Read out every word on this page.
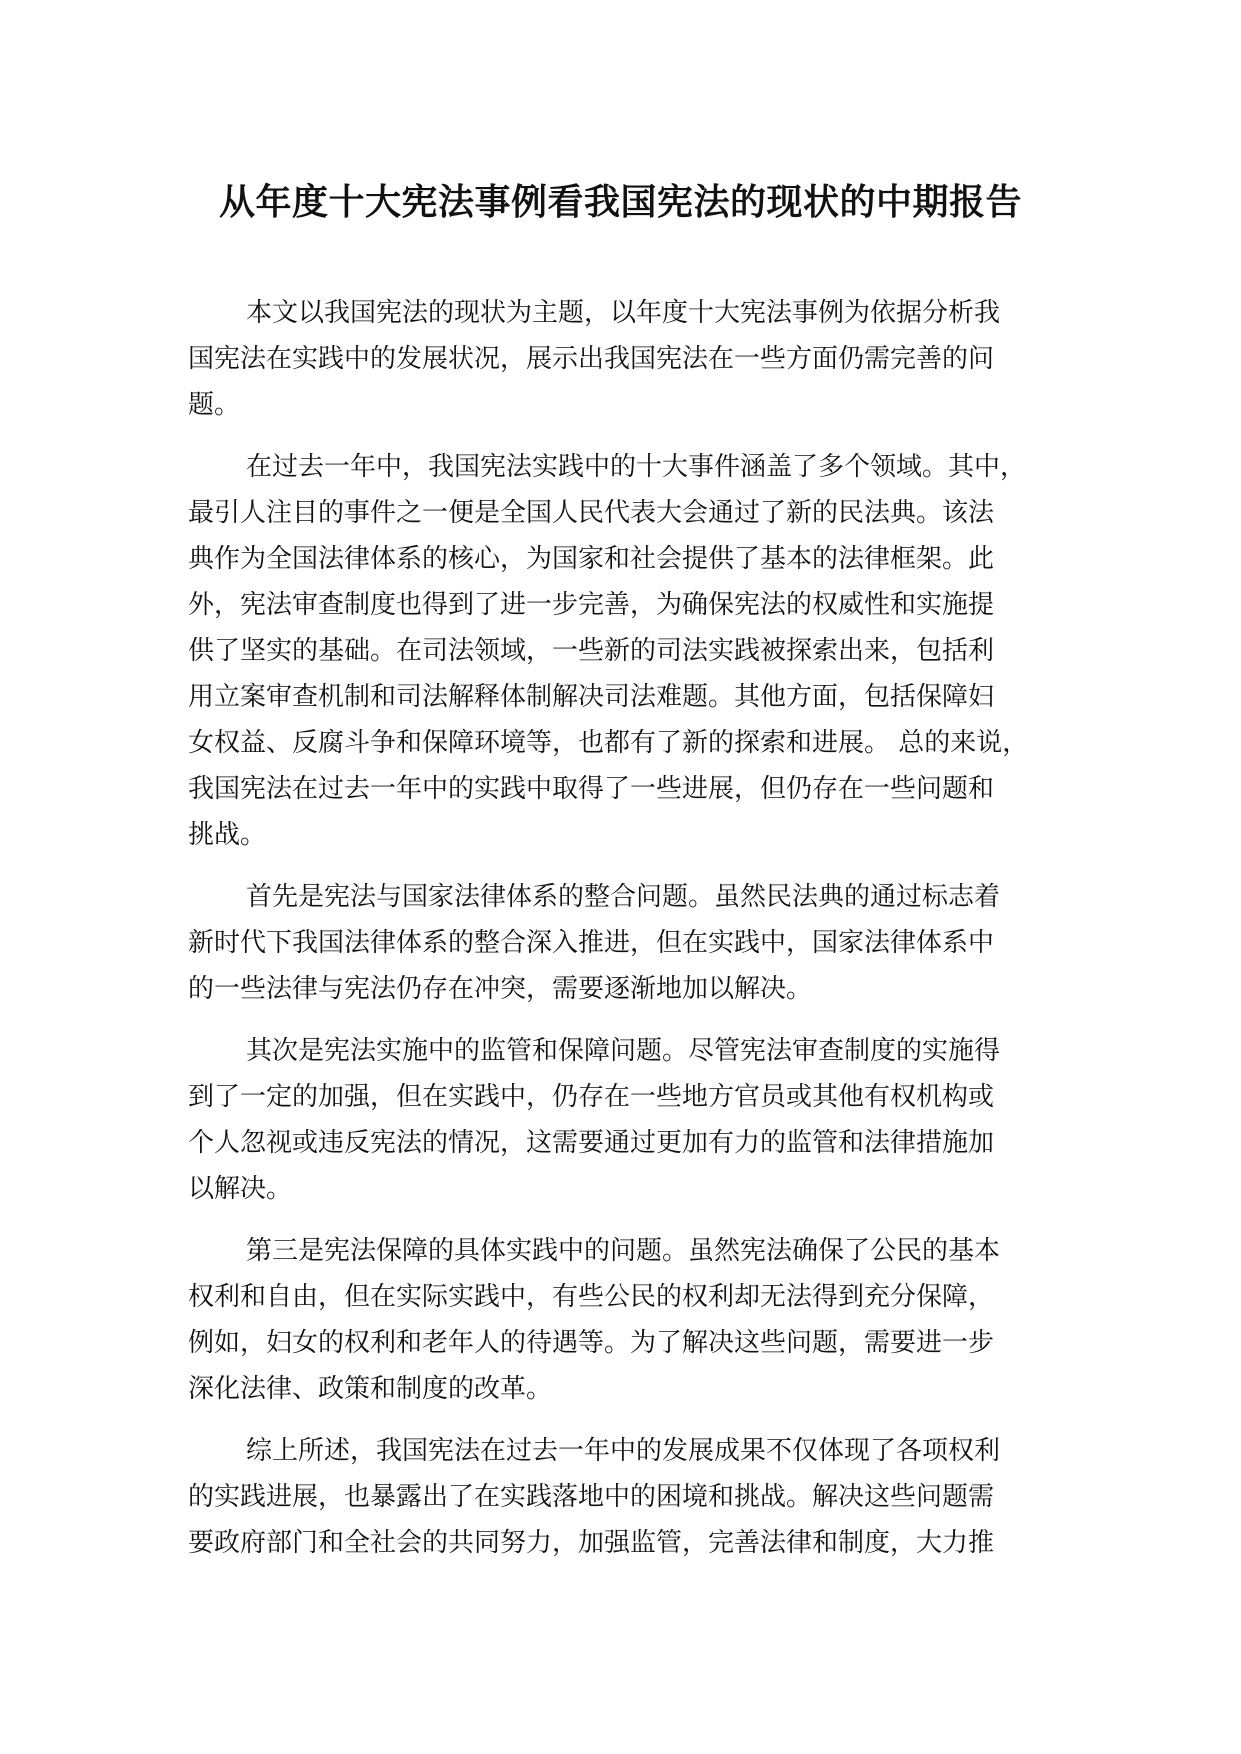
从年度十大宪法事例看我国宪法的现状的中期报告

本文以我国宪法的现状为主题，以年度十大宪法事例为依据分析我
国宪法在实践中的发展状况，展示出我国宪法在一些方面仍需完善的问
题。

在过去一年中，我国宪法实践中的十大事件涵盖了多个领域。其中，
最引人注目的事件之一便是全国人民代表大会通过了新的民法典。该法
典作为全国法律体系的核心，为国家和社会提供了基本的法律框架。此
外，宪法审查制度也得到了进一步完善，为确保宪法的权威性和实施提
供了坚实的基础。在司法领域，一些新的司法实践被探索出来，包括利
用立案审查机制和司法解释体制解决司法难题。其他方面，包括保障妇
女权益、反腐斗争和保障环境等，也都有了新的探索和进展。 总的来说，
我国宪法在过去一年中的实践中取得了一些进展，但仍存在一些问题和
挑战。

首先是宪法与国家法律体系的整合问题。虽然民法典的通过标志着
新时代下我国法律体系的整合深入推进，但在实践中，国家法律体系中
的一些法律与宪法仍存在冲突，需要逐渐地加以解决。

其次是宪法实施中的监管和保障问题。尽管宪法审查制度的实施得
到了一定的加强，但在实践中，仍存在一些地方官员或其他有权机构或
个人忽视或违反宪法的情况，这需要通过更加有力的监管和法律措施加
以解决。

第三是宪法保障的具体实践中的问题。虽然宪法确保了公民的基本
权利和自由，但在实际实践中，有些公民的权利却无法得到充分保障，
例如，妇女的权利和老年人的待遇等。为了解决这些问题，需要进一步
深化法律、政策和制度的改革。

综上所述，我国宪法在过去一年中的发展成果不仅体现了各项权利
的实践进展，也暴露出了在实践落地中的困境和挑战。解决这些问题需
要政府部门和全社会的共同努力，加强监管，完善法律和制度，大力推
